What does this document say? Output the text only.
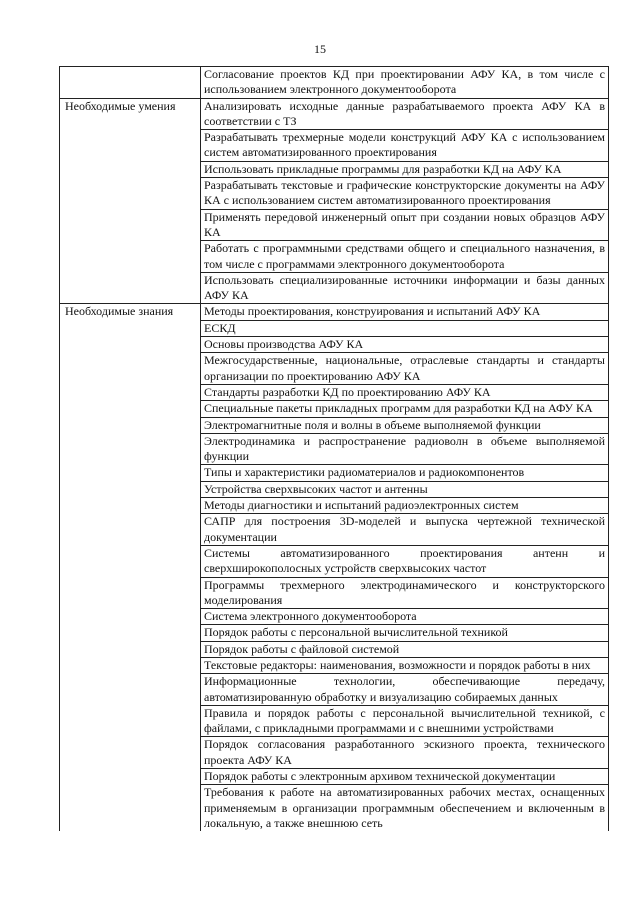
15
	Согласование проектов КД при проектировании АФУ КА, в том числе с использованием электронного документооборота
Необходимые умения	Анализировать исходные данные разрабатываемого проекта АФУ КА в соответствии с ТЗ
	Разрабатывать трехмерные модели конструкций АФУ КА с использованием систем автоматизированного проектирования
	Использовать прикладные программы для разработки КД на АФУ КА
	Разрабатывать текстовые и графические конструкторские документы на АФУ КА с использованием систем автоматизированного проектирования
	Применять передовой инженерный опыт при создании новых образцов АФУ КА
	Работать с программными средствами общего и специального назначения, в том числе с программами электронного документооборота
	Использовать специализированные источники информации и базы данных АФУ КА
Необходимые знания	Методы проектирования, конструирования и испытаний АФУ КА
	ЕСКД
	Основы производства АФУ КА
	Межгосударственные, национальные, отраслевые стандарты и стандарты организации по проектированию АФУ КА
	Стандарты разработки КД по проектированию АФУ КА
	Специальные пакеты прикладных программ для разработки КД на АФУ КА
	Электромагнитные поля и волны в объеме выполняемой функции
	Электродинамика и распространение радиоволн в объеме выполняемой функции
	Типы и характеристики радиоматериалов и радиокомпонентов
	Устройства сверхвысоких частот и антенны
	Методы диагностики и испытаний радиоэлектронных систем
	САПР для построения 3D-моделей и выпуска чертежной технической документации
	Системы автоматизированного проектирования антенн и сверхширокополосных устройств сверхвысоких частот
	Программы трехмерного электродинамического и конструкторского моделирования
	Система электронного документооборота
	Порядок работы с персональной вычислительной техникой
	Порядок работы с файловой системой
	Текстовые редакторы: наименования, возможности и порядок работы в них
	Информационные технологии, обеспечивающие передачу, автоматизированную обработку и визуализацию собираемых данных
	Правила и порядок работы с персональной вычислительной техникой, с файлами, с прикладными программами и с внешними устройствами
	Порядок согласования разработанного эскизного проекта, технического проекта АФУ КА
	Порядок работы с электронным архивом технической документации
	Требования к работе на автоматизированных рабочих местах, оснащенных применяемым в организации программным обеспечением и включенным в локальную, а также внешнюю сеть
